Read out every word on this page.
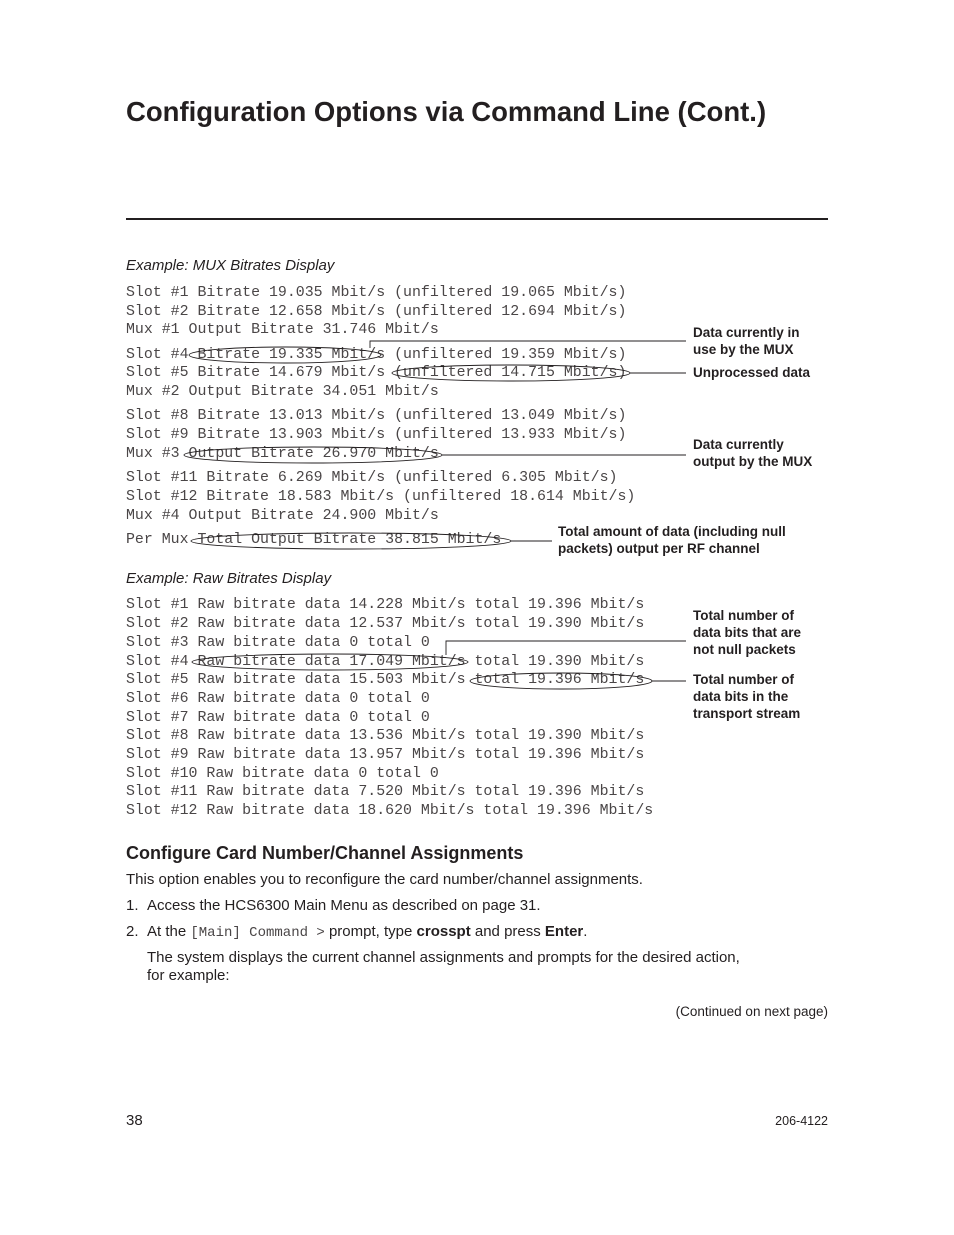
Configuration Options via Command Line (Cont.)
Example: MUX Bitrates Display
Slot #1 Bitrate 19.035 Mbit/s (unfiltered 19.065 Mbit/s)
Slot #2 Bitrate 12.658 Mbit/s (unfiltered 12.694 Mbit/s)
Mux #1 Output Bitrate 31.746 Mbit/s
Slot #4 Bitrate 19.335 Mbit/s (unfiltered 19.359 Mbit/s)
Slot #5 Bitrate 14.679 Mbit/s (unfiltered 14.715 Mbit/s)
Mux #2 Output Bitrate 34.051 Mbit/s
Slot #8 Bitrate 13.013 Mbit/s (unfiltered 13.049 Mbit/s)
Slot #9 Bitrate 13.903 Mbit/s (unfiltered 13.933 Mbit/s)
Mux #3 Output Bitrate 26.970 Mbit/s
Slot #11 Bitrate 6.269 Mbit/s (unfiltered 6.305 Mbit/s)
Slot #12 Bitrate 18.583 Mbit/s (unfiltered 18.614 Mbit/s)
Mux #4 Output Bitrate 24.900 Mbit/s
Per Mux Total Output Bitrate 38.815 Mbit/s
Data currently in
use by the MUX
Unprocessed data
Data currently
output by the MUX
Total amount of data (including null
packets) output per RF channel
Example: Raw Bitrates Display
Slot #1 Raw bitrate data 14.228 Mbit/s total 19.396 Mbit/s
Slot #2 Raw bitrate data 12.537 Mbit/s total 19.390 Mbit/s
Slot #3 Raw bitrate data 0 total 0
Slot #4 Raw bitrate data 17.049 Mbit/s total 19.390 Mbit/s
Slot #5 Raw bitrate data 15.503 Mbit/s total 19.396 Mbit/s
Slot #6 Raw bitrate data 0 total 0
Slot #7 Raw bitrate data 0 total 0
Slot #8 Raw bitrate data 13.536 Mbit/s total 19.390 Mbit/s
Slot #9 Raw bitrate data 13.957 Mbit/s total 19.396 Mbit/s
Slot #10 Raw bitrate data 0 total 0
Slot #11 Raw bitrate data 7.520 Mbit/s total 19.396 Mbit/s
Slot #12 Raw bitrate data 18.620 Mbit/s total 19.396 Mbit/s
Total number of
data bits that are
not null packets
Total number of
data bits in the
transport stream
Configure Card Number/Channel Assignments
This option enables you to reconfigure the card number/channel assignments.
1. Access the HCS6300 Main Menu as described on page 31.
2. At the [Main] Command > prompt, type crosspt and press Enter.
The system displays the current channel assignments and prompts for the desired action,
for example:
(Continued on next page)
38	206-4122
